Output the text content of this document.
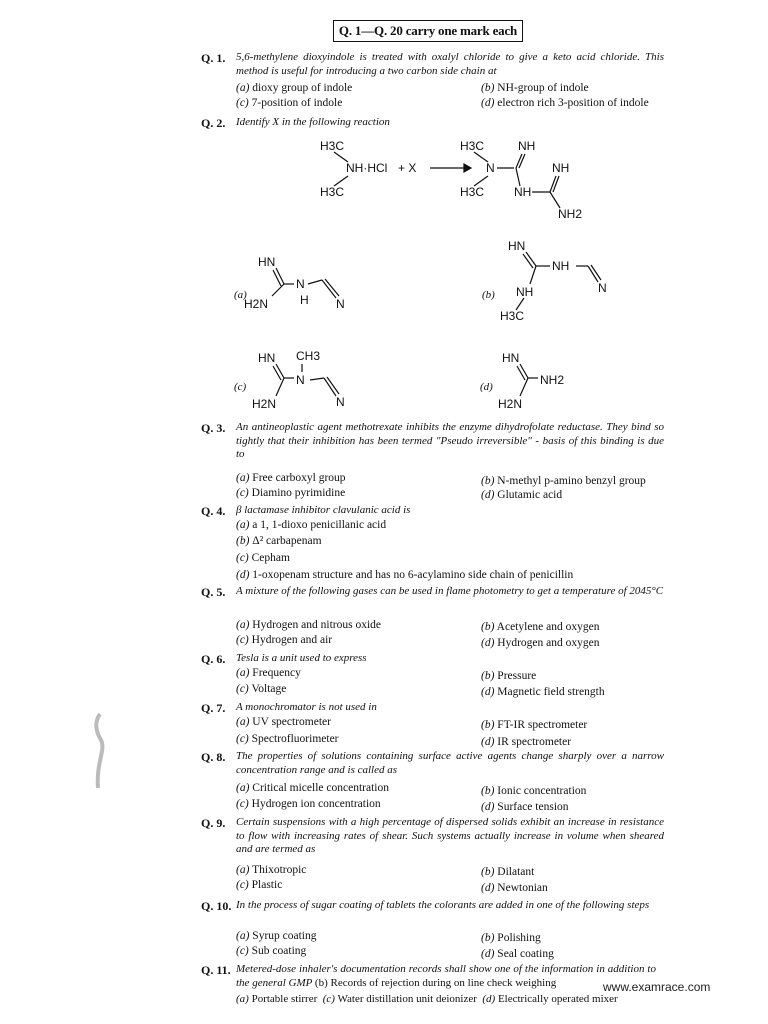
Q. 1—Q. 20 carry one mark each
Q. 1. 5,6-methylene dioxyindole is treated with oxalyl chloride to give a keto acid chloride. This method is useful for introducing a two carbon side chain at
(a) dioxy group of indole	(b) NH-group of indole
(c) 7-position of indole	(d) electron rich 3-position of indole
Q. 2. Identify X in the following reaction
H3C
NH·HCl
H3C
+ X
H3C
N
H3C
NH
NH
NH
NH2
HN
H2N
N
H N
(a)
HN
NH
NH
H3C
N
(b)
HN CH3
N
H2N	N
(c)
HN
NH2
H2N
(d)
Q. 3. An antineoplastic agent methotrexate inhibits the enzyme dihydrofolate reductase. They bind so tightly that their inhibition has been termed "Pseudo irreversible" - basis of this binding is due to
(a) Free carboxyl group	(b) N-methyl p-amino benzyl group
(c) Diamino pyrimidine	(d) Glutamic acid
Q. 4. β lactamase inhibitor clavulanic acid is
(a) a 1, 1-dioxo penicillanic acid
(b) Δ² carbapenam
(c) Cepham
(d) 1-oxopenam structure and has no 6-acylamino side chain of penicillin
Q. 5. A mixture of the following gases can be used in flame photometry to get a temperature of 2045°C
(a) Hydrogen and nitrous oxide	(b) Acetylene and oxygen
(c) Hydrogen and air	(d) Hydrogen and oxygen
Q. 6. Tesla is a unit used to express
(a) Frequency	(b) Pressure
(c) Voltage	(d) Magnetic field strength
Q. 7. A monochromator is not used in
(a) UV spectrometer	(b) FT-IR spectrometer
(c) Spectrofluorimeter	(d) IR spectrometer
Q. 8. The properties of solutions containing surface active agents change sharply over a narrow concentration range and is called as
(a) Critical micelle concentration	(b) Ionic concentration
(c) Hydrogen ion concentration	(d) Surface tension
Q. 9. Certain suspensions with a high percentage of dispersed solids exhibit an increase in resistance to flow with increasing rates of shear. Such systems actually increase in volume when sheared and are termed as
(a) Thixotropic	(b) Dilatant
(c) Plastic	(d) Newtonian
Q. 10. In the process of sugar coating of tablets the colorants are added in one of the following steps
(a) Syrup coating	(b) Polishing
(c) Sub coating	(d) Seal coating
Q. 11. Metered-dose inhaler's documentation records shall show one of the information in addition to the general GMP (b) Records of rejection during on line check weighing
(a) Portable stirrer (c) Water distillation unit deionizer (d) Electrically operated mixer
www.examrace.com
